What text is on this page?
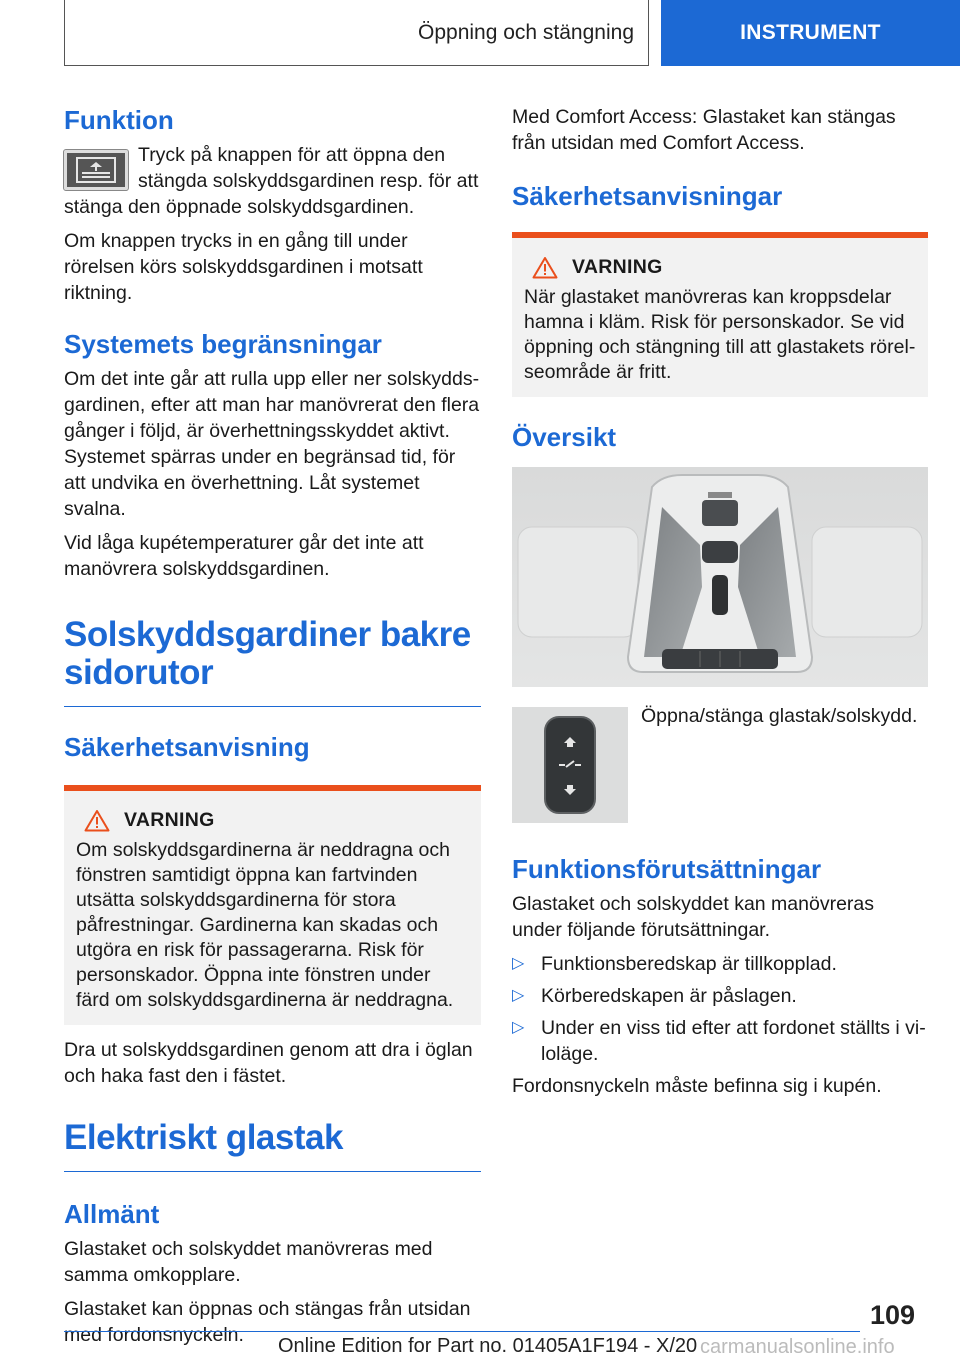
Öppning och stängning	INSTRUMENT
Funktion

Tryck på knappen för att öppna den stängda solskyddsgardinen resp. för att stänga den öppnade solskyddsgardinen.

Om knappen trycks in en gång till under rörelsen körs solskyddsgardinen i motsatt riktning.

Systemets begränsningar

Om det inte går att rulla upp eller ner solskyddsgardinen, efter att man har manövrerat den flera gånger i följd, är överhettningsskyddet aktivt. Systemet spärras under en begränsad tid, för att undvika en överhettning. Låt systemet svalna.

Vid låga kupétemperaturer går det inte att manövrera solskyddsgardinen.

Solskyddsgardiner bakre sidorutor
Säkerhetsanvisning
VARNING

Om solskyddsgardinerna är neddragna och fönstren samtidigt öppna kan fartvinden utsätta solskyddsgardinerna för stora påfrestningar. Gardinerna kan skadas och utgöra en risk för passagerarna. Risk för personskador. Öppna inte fönstren under färd om solskyddsgardinerna är neddragna.

Dra ut solskyddsgardinen genom att dra i öglan och haka fast den i fästet.

Elektriskt glastak
Allmänt

Glastaket och solskyddet manövreras med samma omkopplare.

Glastaket kan öppnas och stängas från utsidan med fordonsnyckeln.

Med Comfort Access: Glastaket kan stängas från utsidan med Comfort Access.

Säkerhetsanvisningar
VARNING

När glastaket manövreras kan kroppsdelar hamna i kläm. Risk för personskador. Se vid öppning och stängning till att glastakets rörelseområde är fritt.

Översikt

Öppna/stänga glastak/solskydd.

Funktionsförutsättningar

Glastaket och solskyddet kan manövreras under följande förutsättningar.

▷ Funktionsberedskap är tillkopplad.
▷ Körberedskapen är påslagen.
▷ Under en viss tid efter att fordonet ställts i viloläge.

Fordonsnyckeln måste befinna sig i kupén.

109
Online Edition for Part no. 01405A1F194 - X/20 carmanualsonline.info
